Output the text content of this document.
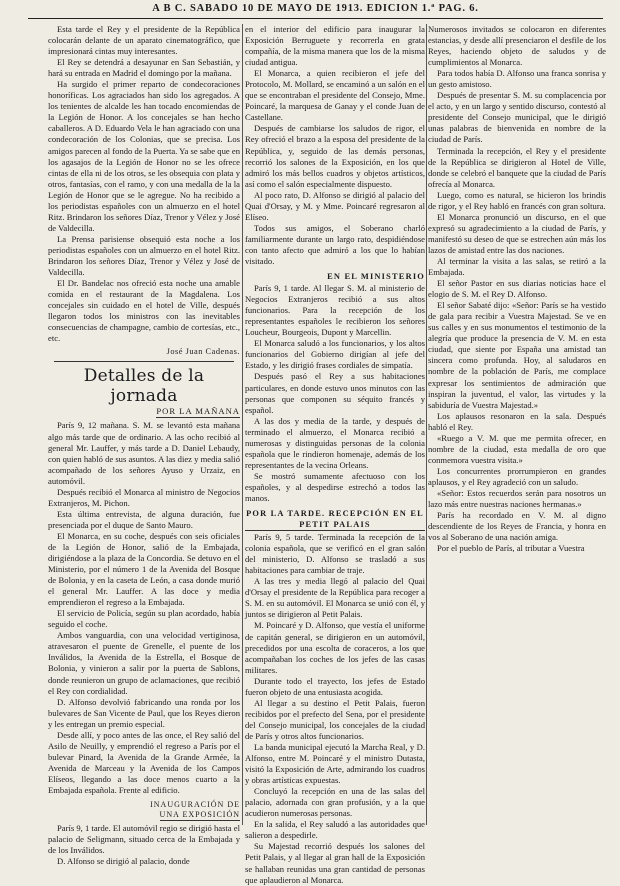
A B C. SABADO 10 DE MAYO DE 1913. EDICION 1.ª PAG. 6.

Esta tarde el Rey y el presidente de la República colocarán delante de un aparato cinematográfico, que impresionará cintas muy interesantes.

El Rey se detendrá a desayunar en San Sebastián, y hará su entrada en Madrid el domingo por la mañana.

Ha surgido el primer reparto de condecoraciones honoríficas. Los agraciados han sido los agregados. A los tenientes de alcalde les han tocado encomiendas de la Legión de Honor. A los concejales se han hecho caballeros. A D. Eduardo Vela le han agraciado con una condecoración de los Colonias, que se precisa. Los amigos parecen al fondo de la Puerta. Ya se sabe que en los agasajos de la Legión de Honor no se les ofrece cintas de ella ni de los otros, se les obsequia con plata y otros, fantasías, con el ramo, y con una medalla de la la Legión de Honor que se le agregue. No ha recibido a los periodistas españoles con un almuerzo en el hotel Ritz. Brindaron los señores Díaz, Trenor y Vélez y José de Valdecilla.

La Prensa parisiense obsequió esta noche a los periodistas españoles con un almuerzo en el hotel Ritz. Brindaron los señores Díaz, Trenor y Vélez y José de Valdecilla.

El Dr. Bandelac nos ofreció esta noche una amable comida en el restaurant de la Magdalena. Los concejales sin cuidado en el hotel de Ville, después llegaron todos los ministros con las inevitables consecuencias de champagne, cambio de cortesías, etc., etc.

José Juan Cadenas.
Detalles de la jornada
POR LA MAÑANA

París 9, 12 mañana. S. M. se levantó esta mañana algo más tarde que de ordinario. A las ocho recibió al general Mr. Lauffer, y más tarde a D. Daniel Lebaudy, con quien habló de sus asuntos. A las diez y media salió acompañado de los señores Ayuso y Urzaiz, en automóvil.

Después recibió el Monarca al ministro de Negocios Extranjeros, M. Pichon.

Esta última entrevista, de alguna duración, fue presenciada por el duque de Santo Mauro.

El Monarca, en su coche, después con seis oficiales de la Legión de Honor, salió de la Embajada, dirigiéndose a la plaza de la Concordia. Se detuvo en el Ministerio, por el número 1 de la Avenida del Bosque de Bolonia, y en la caseta de León, a casa donde murió el general Mr. Lauffer. A las doce y media emprendieron el regreso a la Embajada.

El servicio de Policía, según su plan acordado, había seguido el coche.

Ambos vanguardia, con una velocidad vertiginosa, atravesaron el puente de Grenelle, el puente de los Inválidos, la Avenida de la Estrella, el Bosque de Bolonia, y vinieron a salir por la puerta de Sablons, donde reunieron un grupo de aclamaciones, que recibió el Rey con cordialidad.

D. Alfonso devolvió fabricando una ronda por los bulevares de San Vicente de Paul, que los Reyes dieron y les entregan un premio especial.

Desde allí, y poco antes de las once, el Rey salió del Asilo de Neuilly, y emprendió el regreso a París por el bulevar Pinard, la Avenida de la Grande Armée, la Avenida de Marceau y la Avenida de los Campos Elíseos, llegando a las doce menos cuarto a la Embajada española. Frente al edificio.

INAUGURACIÓN DE
UNA EXPOSICIÓN

París 9, 1 tarde. El automóvil regio se dirigió hasta el palacio de Seligmann, situado cerca de la Embajada y de los Inválidos.

D. Alfonso se dirigió al palacio, donde

en el interior del edificio para inaugurar la Exposición Berruguete y recorrerla en grata compañía, de la misma manera que los de la misma ciudad antigua.

El Monarca, a quien recibieron el jefe del Protocolo, M. Mollard, se encaminó a un salón en el que se encontraban el presidente del Consejo, Mme. Poincaré, la marquesa de Ganay y el conde Juan de Castellane.

Después de cambiarse los saludos de rigor, el Rey ofreció el brazo a la esposa del presidente de la República, y, seguido de las demás personas, recorrió los salones de la Exposición, en los que admiró los más bellos cuadros y objetos artísticos, así como el salón especialmente dispuesto.

Al poco rato, D. Alfonso se dirigió al palacio del Quai d'Orsay, y M. y Mme. Poincaré regresaron al Elíseo.

Todos sus amigos, el Soberano charló familiarmente durante un largo rato, despidiéndose con tanto afecto que admiró a los que lo habían visitado.

EN EL MINISTERIO

París 9, 1 tarde. Al llegar S. M. al ministerio de Negocios Extranjeros recibió a sus altos funcionarios. Para la recepción de los representantes españoles le recibieron los señores Loucheur, Bourgeois, Dupont y Marcellin.

El Monarca saludó a los funcionarios, y los altos funcionarios del Gobierno dirigían al jefe del Estado, y les dirigió frases cordiales de simpatía.

Después pasó el Rey a sus habitaciones particulares, en donde estuvo unos minutos con las personas que componen su séquito francés y español.

A las dos y media de la tarde, y después de terminado el almuerzo, el Monarca recibió a numerosas y distinguidas personas de la colonia española que le rindieron homenaje, además de los representantes de la vecina Orleans.

Se mostró sumamente afectuoso con los españoles, y al despedirse estrechó a todos las manos.

POR LA TARDE. RECEPCIÓN EN EL PETIT PALAIS

París 9, 5 tarde. Terminada la recepción de la colonia española, que se verificó en el gran salón del ministerio, D. Alfonso se trasladó a sus habitaciones para cambiar de traje.

A las tres y media llegó al palacio del Quai d'Orsay el presidente de la República para recoger a S. M. en su automóvil. El Monarca se unió con él, y juntos se dirigieron al Petit Palais.

M. Poincaré y D. Alfonso, que vestía el uniforme de capitán general, se dirigieron en un automóvil, precedidos por una escolta de coraceros, a los que acompañaban los coches de los jefes de las casas militares.

Durante todo el trayecto, los jefes de Estado fueron objeto de una entusiasta acogida.

Al llegar a su destino el Petit Palais, fueron recibidos por el prefecto del Sena, por el presidente del Consejo municipal, los concejales de la ciudad de París y otros altos funcionarios.

La banda municipal ejecutó la Marcha Real, y D. Alfonso, entre M. Poincaré y el ministro Dutasta, visitó la Exposición de Arte, admirando los cuadros y obras artísticas expuestas.

Concluyó la recepción en una de las salas del palacio, adornada con gran profusión, y a la que acudieron numerosas personas.

En la salida, el Rey saludó a las autoridades que salieron a despedirle.

Su Majestad recorrió después los salones del Petit Palais, y al llegar al gran hall de la Exposición se hallaban reunidas una gran cantidad de personas que aplaudieron al Monarca.

Numerosos invitados se colocaron en diferentes estancias, y desde allí presenciaron el desfile de los Reyes, haciendo objeto de saludos y de cumplimientos al Monarca.

Para todos había D. Alfonso una franca sonrisa y un gesto amistoso.

Después de presentar S. M. su complacencia por el acto, y en un largo y sentido discurso, contestó al presidente del Consejo municipal, que le dirigió unas palabras de bienvenida en nombre de la ciudad de París.

Terminada la recepción, el Rey y el presidente de la República se dirigieron al Hotel de Ville, donde se celebró el banquete que la ciudad de París ofrecía al Monarca.

Luego, como es natural, se hicieron los brindis de rigor, y el Rey habló en francés con gran soltura.

El Monarca pronunció un discurso, en el que expresó su agradecimiento a la ciudad de París, y manifestó su deseo de que se estrechen aún más los lazos de amistad entre las dos naciones.

Al terminar la visita a las salas, se retiró a la Embajada.

El señor Pastor en sus diarias noticias hace el elogio de S. M. el Rey D. Alfonso.

El señor Sabaté dijo: «Señor: París se ha vestido de gala para recibir a Vuestra Majestad. Se ve en sus calles y en sus monumentos el testimonio de la alegría que produce la presencia de V. M. en esta ciudad, que siente por España una amistad tan sincera como profunda. Hoy, al saludaros en nombre de la población de París, me complace expresar los sentimientos de admiración que inspiran la juventud, el valor, las virtudes y la sabiduría de Vuestra Majestad.»

Los aplausos resonaron en la sala. Después habló el Rey.

«Ruego a V. M. que me permita ofrecer, en nombre de la ciudad, esta medalla de oro que conmemora vuestra visita.»

Los concurrentes prorrumpieron en grandes aplausos, y el Rey agradeció con un saludo.

«Señor: Estos recuerdos serán para nosotros un lazo más entre nuestras naciones hermanas.»

París ha recordado en V. M. al digno descendiente de los Reyes de Francia, y honra en vos al Soberano de una nación amiga.

Por el pueblo de París, al tributar a Vuestra
